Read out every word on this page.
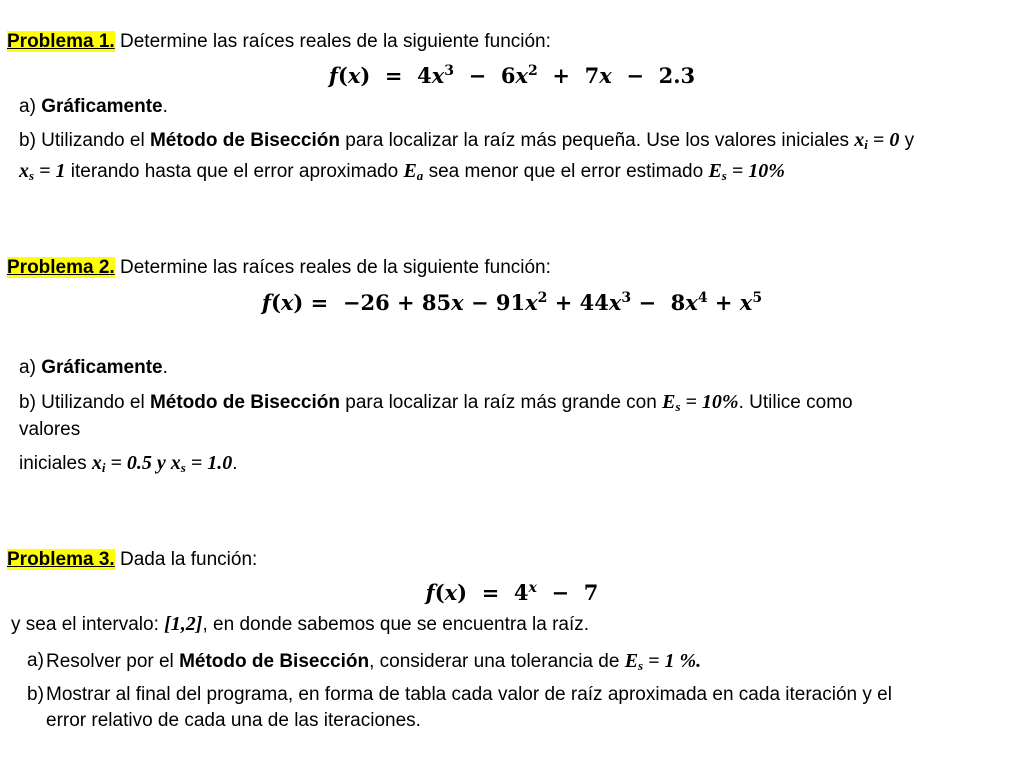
Problema 1. Determine las raíces reales de la siguiente función:
$f(x) = 4x^3 - 6x^2 + 7x - 2.3$
a) Gráficamente.
b) Utilizando el Método de Bisección para localizar la raíz más pequeña. Use los valores iniciales $x_i = 0$ y
$x_s = 1$ iterando hasta que el error aproximado $E_a$ sea menor que el error estimado $E_s = 10\%$
Problema 2. Determine las raíces reales de la siguiente función:
$f(x) = -26 + 85x - 91x^2 + 44x^3 - 8x^4 + x^5$
a) Gráficamente.
b) Utilizando el Método de Bisección para localizar la raíz más grande con $E_s = 10\%$. Utilice como
valores
iniciales $x_i = 0.5$ y $x_s = 1.0$.
Problema 3. Dada la función:
f(x)  =  4$^x$  −  7
y sea el intervalo: [1,2], en donde sabemos que se encuentra la raíz.
a) Resolver por el Método de Bisección, considerar una tolerancia de $E_s = 1$ %.
b) Mostrar al final del programa, en forma de tabla cada valor de raíz aproximada en cada iteración y el
error relativo de cada una de las iteraciones.
